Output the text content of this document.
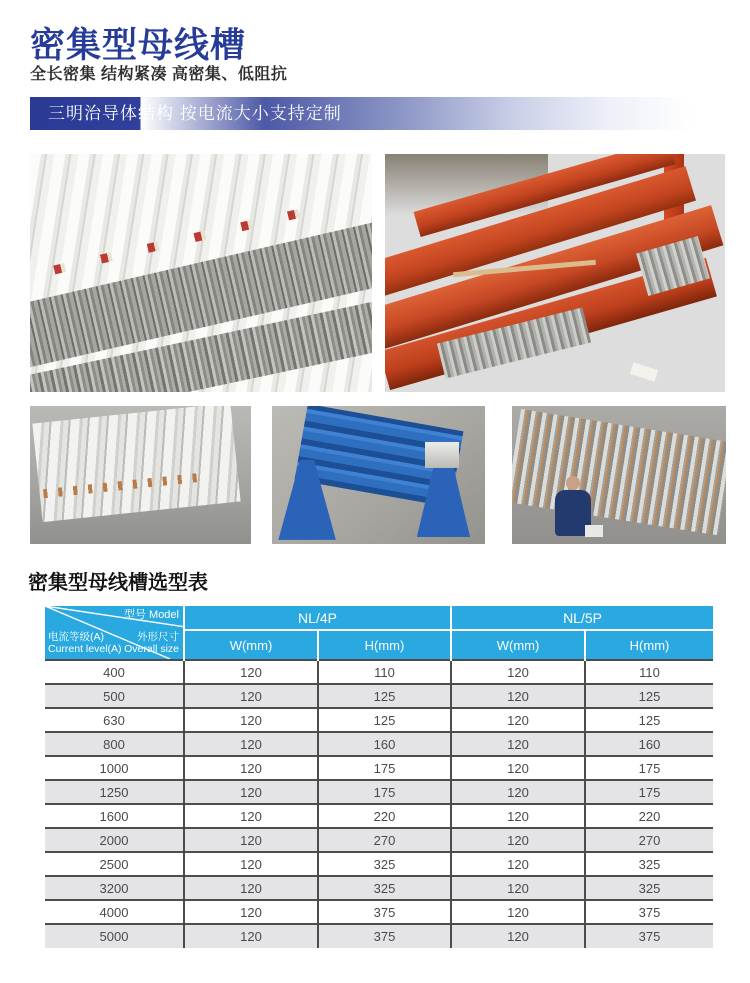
密集型母线槽

全长密集 结构紧凑 高密集、低阻抗

三明治导体结构 按电流大小支持定制
密集型母线槽选型表
型号 Model
外形尺寸
Overall size
电流等级(A)
Current level(A)	NL/4P		NL/5P	
	W(mm)	H(mm)	W(mm)	H(mm)
400	120	110	120	110
500	120	125	120	125
630	120	125	120	125
800	120	160	120	160
1000	120	175	120	175
1250	120	175	120	175
1600	120	220	120	220
2000	120	270	120	270
2500	120	325	120	325
3200	120	325	120	325
4000	120	375	120	375
5000	120	375	120	375
